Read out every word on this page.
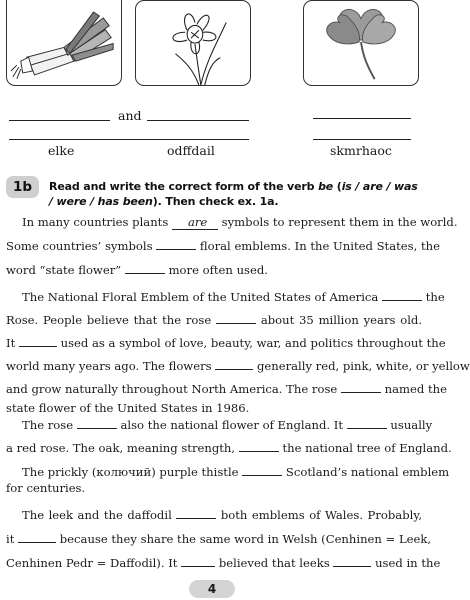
and
elke	odffdail	skmrhaoc
1b	Read and write the correct form of the verb be (is / are / was / were / has been). Then check ex. 1a.
In many countries plants are symbols to represent them in the world.
Some countries’ symbols	floral emblems. In the United States, the
word “state flower”	more often used.
The National Floral Emblem of the United States of America	the
Rose. People believe that the rose	about 35 million years old.
It	used as a symbol of love, beauty, war, and politics throughout the
world many years ago. The flowers	generally red, pink, white, or yellow
and grow naturally throughout North America. The rose	named the
state flower of the United States in 1986.
The rose	also the national flower of England. It	usually
a red rose. The oak, meaning strength,	the national tree of England.
The prickly (колючий) purple thistle	Scotland’s national emblem
for centuries.
The leek and the daffodil	both emblems of Wales. Probably,
it	because they share the same word in Welsh (Cenhinen = Leek,
Cenhinen Pedr = Daffodil). It	believed that leeks	used in the
4
